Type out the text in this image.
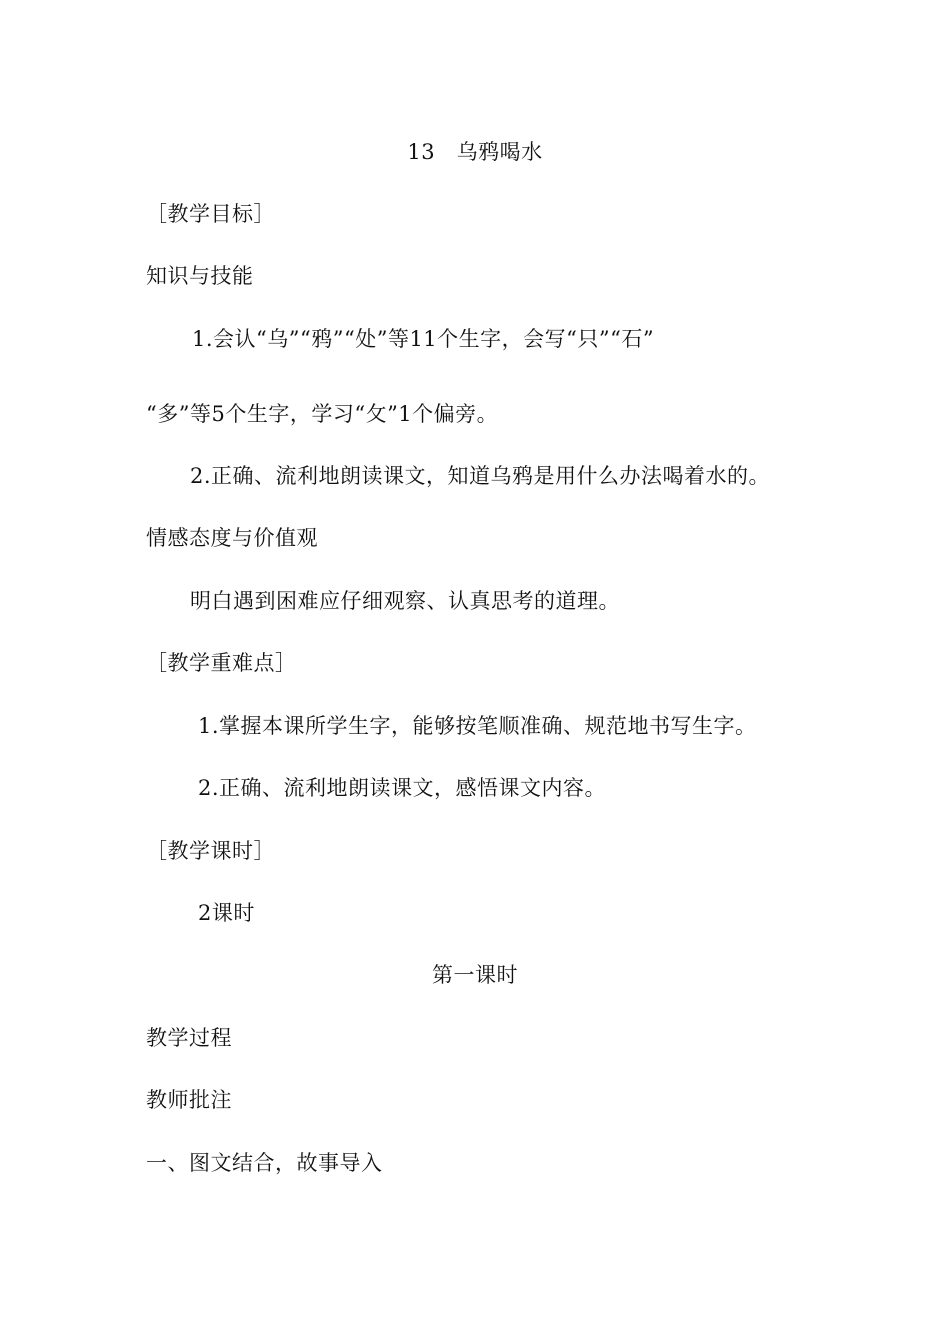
13　乌鸦喝水
［教学目标］
知识与技能
1.会认“乌”“鸦”“处”等11个生字，会写“只”“石”
“多”等5个生字，学习“攵”1个偏旁。
2.正确、流利地朗读课文，知道乌鸦是用什么办法喝着水的。
情感态度与价值观
明白遇到困难应仔细观察、认真思考的道理。
［教学重难点］
1.掌握本课所学生字，能够按笔顺准确、规范地书写生字。
2.正确、流利地朗读课文，感悟课文内容。
［教学课时］
2课时
第一课时
教学过程
教师批注
一、图文结合，故事导入
